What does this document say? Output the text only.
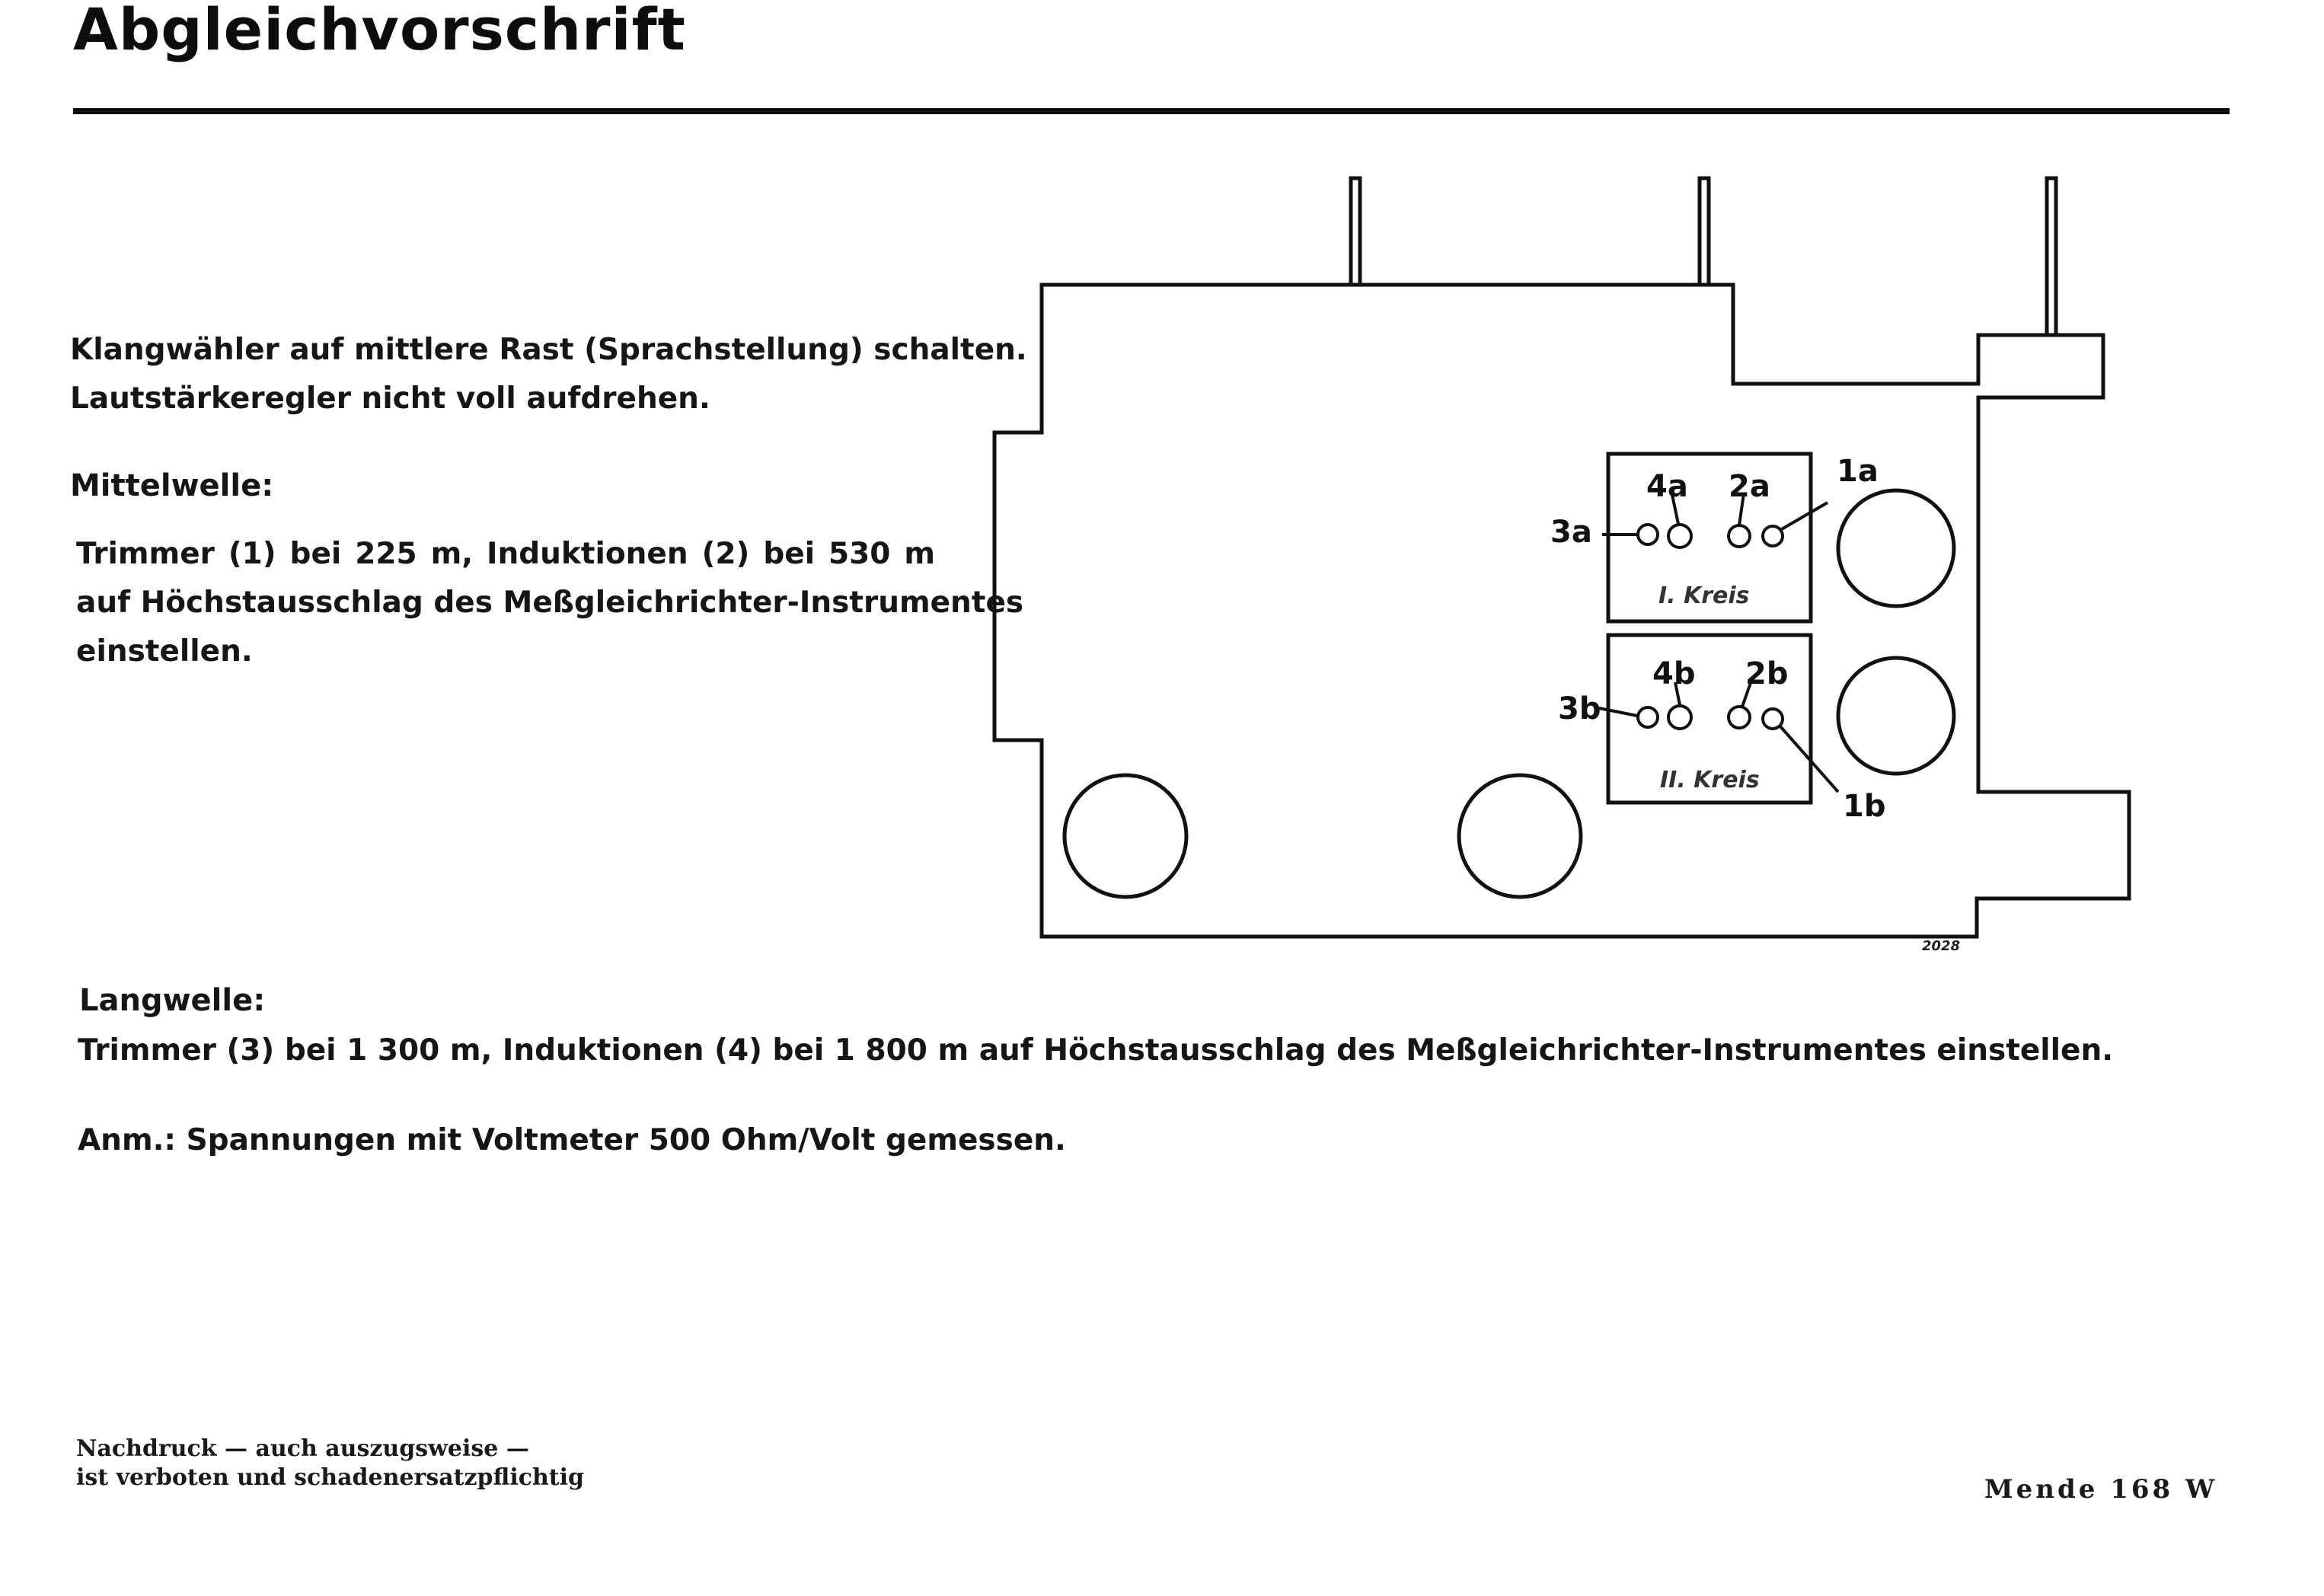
Abgleichvorschrift
Klangwähler auf mittlere Rast (Sprachstellung) schalten.
Lautstärkeregler nicht voll aufdrehen.
Mittelwelle:
Trimmer (1) bei 225 m, Induktionen (2) bei 530 m
auf Höchstausschlag des Meßgleichrichter-Instrumentes
einstellen.
Langwelle:
Trimmer (3) bei 1 300 m, Induktionen (4) bei 1 800 m auf Höchstausschlag des Meßgleichrichter-Instrumentes einstellen.
Anm.: Spannungen mit Voltmeter 500 Ohm/Volt gemessen.
4a 2a 1a
3a
4b 2b
3b
1b
I. Kreis
II. Kreis
2028
Nachdruck — auch auszugsweise —
ist verboten und schadenersatzpflichtig	Mende 168 W
